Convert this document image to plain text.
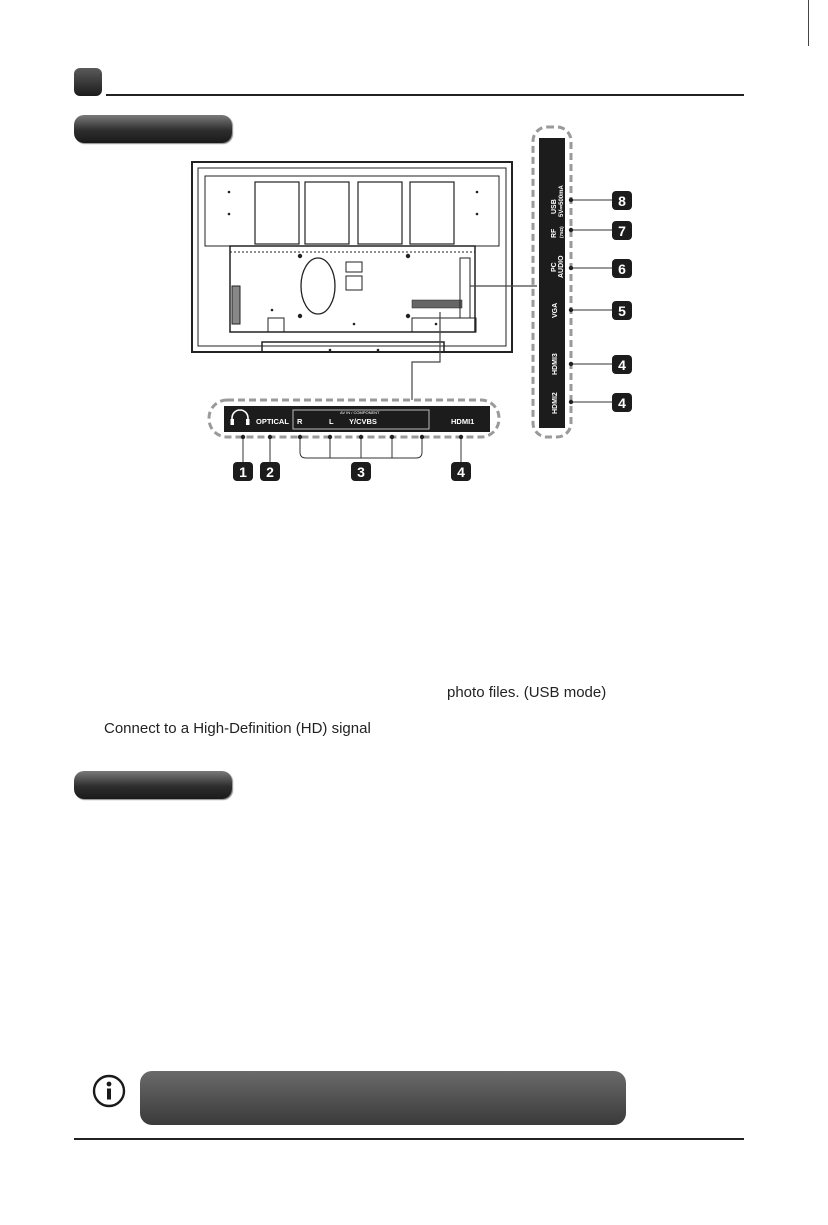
OPTICAL R	L Y/CVBS	HDMI1
AV IN / COMPONENT
USB 5V⎓500mA
RF (75Ω)
PC AUDIO
VGA
HDMI3
HDMI2
1 2	3	4
8
7
6
5
4
4
photo files. (USB mode)
Connect to a High-Definition (HD) signal
